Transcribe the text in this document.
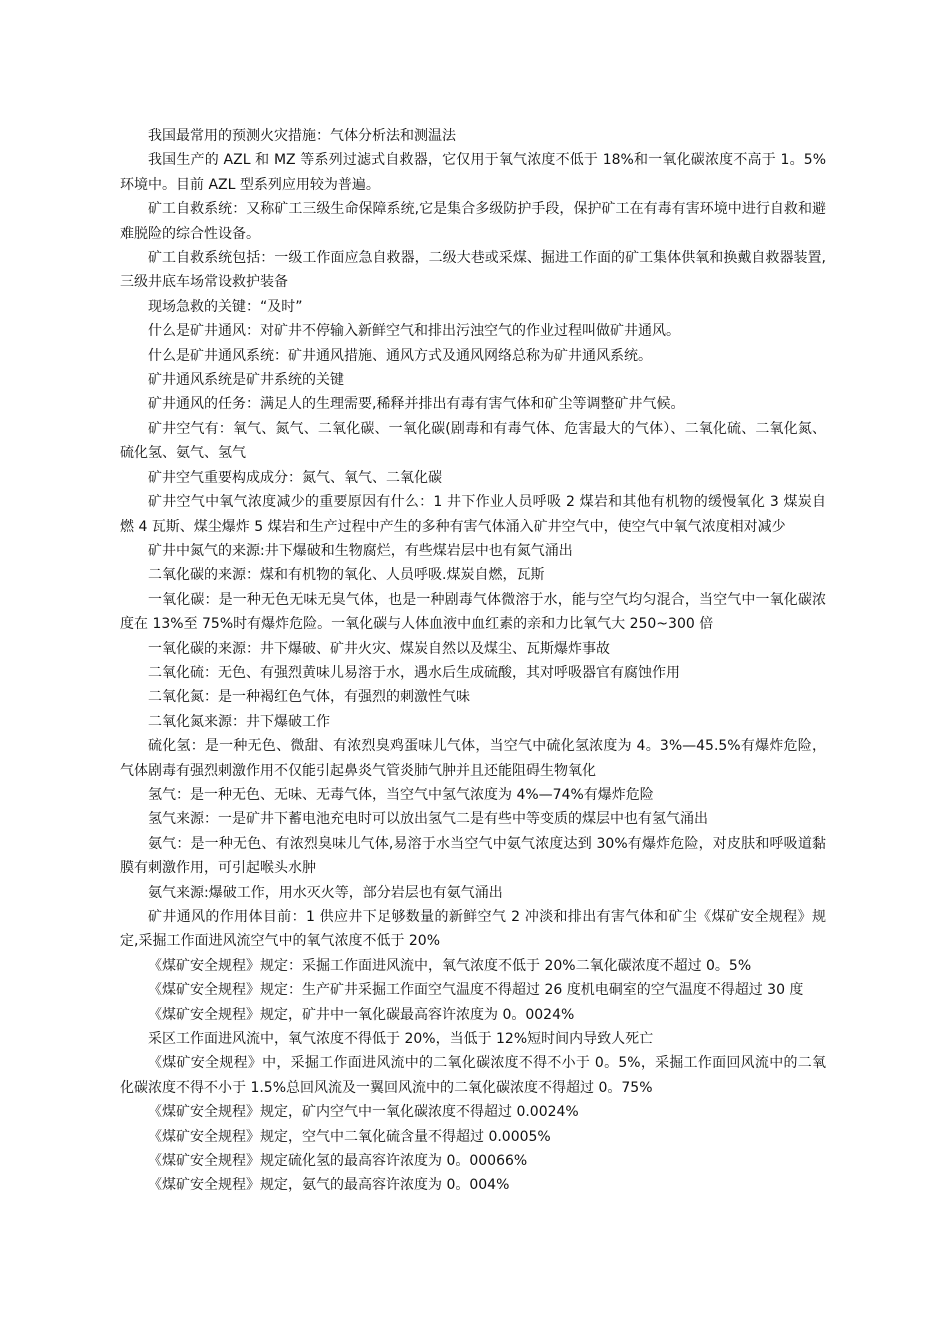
我国最常用的预测火灾措施：气体分析法和测温法

我国生产的 AZL 和 MZ 等系列过滤式自救器，它仅用于氧气浓度不低于 18%和一氧化碳浓度不高于 1。5%环境中。目前 AZL 型系列应用较为普遍。

矿工自救系统：又称矿工三级生命保障系统,它是集合多级防护手段，保护矿工在有毒有害环境中进行自救和避难脱险的综合性设备。

矿工自救系统包括：一级工作面应急自救器，二级大巷或采煤、掘进工作面的矿工集体供氧和换戴自救器装置,三级井底车场常设救护装备

现场急救的关键：“及时”

什么是矿井通风：对矿井不停输入新鲜空气和排出污浊空气的作业过程叫做矿井通风。

什么是矿井通风系统：矿井通风措施、通风方式及通风网络总称为矿井通风系统。

矿井通风系统是矿井系统的关键

矿井通风的任务：满足人的生理需要,稀释并排出有毒有害气体和矿尘等调整矿井气候。

矿井空气有：氧气、氮气、二氧化碳、一氧化碳(剧毒和有毒气体、危害最大的气体）、二氧化硫、二氧化氮、硫化氢、氨气、氢气

矿井空气重要构成成分：氮气、氧气、二氧化碳

矿井空气中氧气浓度减少的重要原因有什么：1 井下作业人员呼吸 2 煤岩和其他有机物的缓慢氧化 3 煤炭自燃 4 瓦斯、煤尘爆炸 5 煤岩和生产过程中产生的多种有害气体涌入矿井空气中，使空气中氧气浓度相对减少

矿井中氮气的来源:井下爆破和生物腐烂，有些煤岩层中也有氮气涌出

二氧化碳的来源：煤和有机物的氧化、人员呼吸.煤炭自燃，瓦斯

一氧化碳：是一种无色无味无臭气体，也是一种剧毒气体微溶于水，能与空气均匀混合，当空气中一氧化碳浓度在 13%至 75%时有爆炸危险。一氧化碳与人体血液中血红素的亲和力比氧气大 250~300 倍

一氧化碳的来源：井下爆破、矿井火灾、煤炭自然以及煤尘、瓦斯爆炸事故

二氧化硫：无色、有强烈黄味儿易溶于水，遇水后生成硫酸，其对呼吸器官有腐蚀作用

二氧化氮：是一种褐红色气体，有强烈的刺激性气味

二氧化氮来源：井下爆破工作

硫化氢：是一种无色、微甜、有浓烈臭鸡蛋味儿气体，当空气中硫化氢浓度为 4。3%—45.5%有爆炸危险，气体剧毒有强烈刺激作用不仅能引起鼻炎气管炎肺气肿并且还能阻碍生物氧化

氢气：是一种无色、无味、无毒气体，当空气中氢气浓度为 4%—74%有爆炸危险

氢气来源：一是矿井下蓄电池充电时可以放出氢气二是有些中等变质的煤层中也有氢气涌出

氨气：是一种无色、有浓烈臭味儿气体,易溶于水当空气中氨气浓度达到 30%有爆炸危险，对皮肤和呼吸道黏膜有刺激作用，可引起喉头水肿

氨气来源:爆破工作，用水灭火等，部分岩层也有氨气涌出

矿井通风的作用体目前：1 供应井下足够数量的新鲜空气 2 冲淡和排出有害气体和矿尘《煤矿安全规程》规定,采掘工作面进风流空气中的氧气浓度不低于 20%

《煤矿安全规程》规定：采掘工作面进风流中，氧气浓度不低于 20%二氧化碳浓度不超过 0。5%

《煤矿安全规程》规定：生产矿井采掘工作面空气温度不得超过 26 度机电硐室的空气温度不得超过 30 度

《煤矿安全规程》规定，矿井中一氧化碳最高容许浓度为 0。0024%

采区工作面进风流中，氧气浓度不得低于 20%，当低于 12%短时间内导致人死亡

《煤矿安全规程》中，采掘工作面进风流中的二氧化碳浓度不得不小于 0。5%，采掘工作面回风流中的二氧化碳浓度不得不小于 1.5%总回风流及一翼回风流中的二氧化碳浓度不得超过 0。75%

《煤矿安全规程》规定，矿内空气中一氧化碳浓度不得超过 0.0024%

《煤矿安全规程》规定，空气中二氧化硫含量不得超过 0.0005%

《煤矿安全规程》规定硫化氢的最高容许浓度为 0。00066%

《煤矿安全规程》规定，氨气的最高容许浓度为 0。004%
